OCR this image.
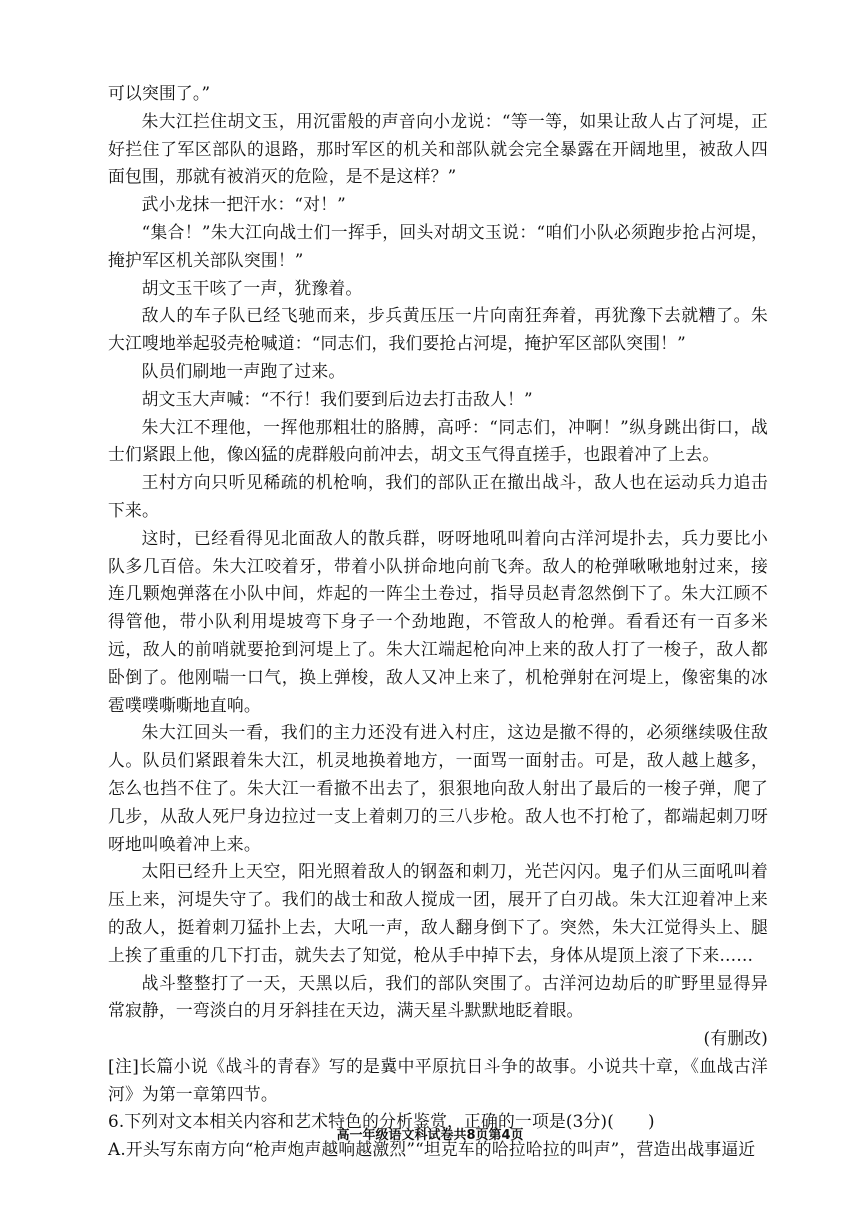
可以突围了。”

朱大江拦住胡文玉，用沉雷般的声音向小龙说：“等一等，如果让敌人占了河堤，正好拦住了军区部队的退路，那时军区的机关和部队就会完全暴露在开阔地里，被敌人四面包围，那就有被消灭的危险，是不是这样？”

武小龙抹一把汗水：“对！”

“集合！”朱大江向战士们一挥手，回头对胡文玉说：“咱们小队必须跑步抢占河堤，掩护军区机关部队突围！”

胡文玉干咳了一声，犹豫着。

敌人的车子队已经飞驰而来，步兵黄压压一片向南狂奔着，再犹豫下去就糟了。朱大江嗖地举起驳壳枪喊道：“同志们，我们要抢占河堤，掩护军区部队突围！”

队员们刷地一声跑了过来。

胡文玉大声喊：“不行！我们要到后边去打击敌人！”

朱大江不理他，一挥他那粗壮的胳膊，高呼：“同志们，冲啊！”纵身跳出街口，战士们紧跟上他，像凶猛的虎群般向前冲去，胡文玉气得直搓手，也跟着冲了上去。

王村方向只听见稀疏的机枪响，我们的部队正在撤出战斗，敌人也在运动兵力追击下来。

这时，已经看得见北面敌人的散兵群，呀呀地吼叫着向古洋河堤扑去，兵力要比小队多几百倍。朱大江咬着牙，带着小队拼命地向前飞奔。敌人的枪弹啾啾地射过来，接连几颗炮弹落在小队中间，炸起的一阵尘土卷过，指导员赵青忽然倒下了。朱大江顾不得管他，带小队利用堤坡弯下身子一个劲地跑，不管敌人的枪弹。看看还有一百多米远，敌人的前哨就要抢到河堤上了。朱大江端起枪向冲上来的敌人打了一梭子，敌人都卧倒了。他刚喘一口气，换上弹梭，敌人又冲上来了，机枪弹射在河堤上，像密集的冰雹噗噗嘶嘶地直响。

朱大江回头一看，我们的主力还没有进入村庄，这边是撤不得的，必须继续吸住敌人。队员们紧跟着朱大江，机灵地换着地方，一面骂一面射击。可是，敌人越上越多，怎么也挡不住了。朱大江一看撤不出去了，狠狠地向敌人射出了最后的一梭子弹，爬了几步，从敌人死尸身边拉过一支上着刺刀的三八步枪。敌人也不打枪了，都端起刺刀呀呀地叫唤着冲上来。

太阳已经升上天空，阳光照着敌人的钢盔和刺刀，光芒闪闪。鬼子们从三面吼叫着压上来，河堤失守了。我们的战士和敌人搅成一团，展开了白刃战。朱大江迎着冲上来的敌人，挺着刺刀猛扑上去，大吼一声，敌人翻身倒下了。突然，朱大江觉得头上、腿上挨了重重的几下打击，就失去了知觉，枪从手中掉下去，身体从堤顶上滚了下来……

战斗整整打了一天，天黑以后，我们的部队突围了。古洋河边劫后的旷野里显得异常寂静，一弯淡白的月牙斜挂在天边，满天星斗默默地眨着眼。

(有删改)

[注]长篇小说《战斗的青春》写的是冀中平原抗日斗争的故事。小说共十章，《血战古洋河》为第一章第四节。

6.下列对文本相关内容和艺术特色的分析鉴赏，正确的一项是(3分)(　　)

A.开头写东南方向“枪声炮声越响越激烈”“坦克车的哈拉哈拉的叫声”，营造出战事逼近

高一年级语文科试卷共8页第4页
